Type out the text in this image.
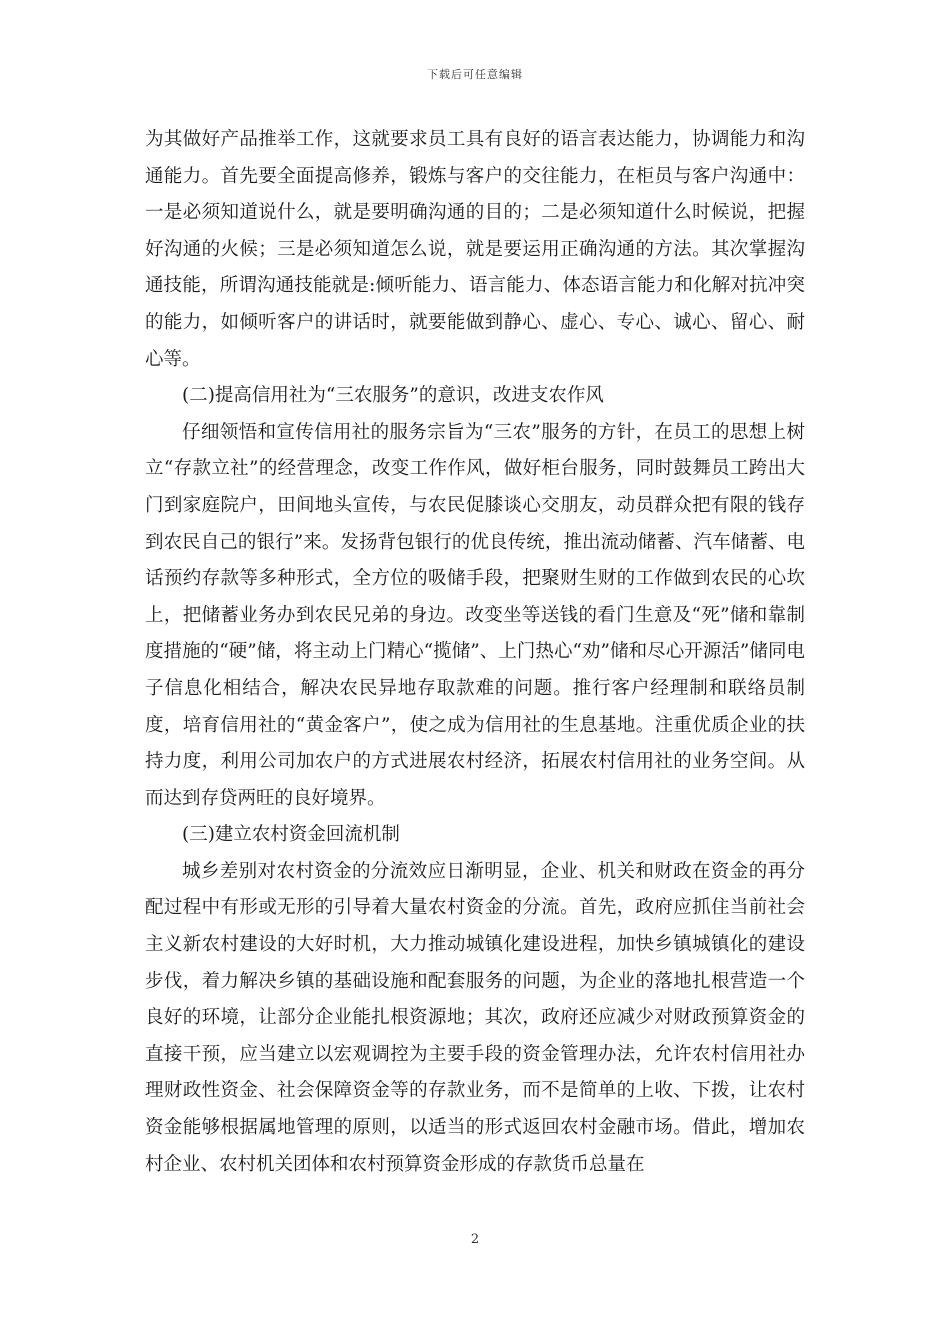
下载后可任意编辑

为其做好产品推举工作，这就要求员工具有良好的语言表达能力，协调能力和沟通能力。首先要全面提高修养，锻炼与客户的交往能力，在柜员与客户沟通中：一是必须知道说什么，就是要明确沟通的目的；二是必须知道什么时候说，把握好沟通的火候；三是必须知道怎么说，就是要运用正确沟通的方法。其次掌握沟通技能，所谓沟通技能就是:倾听能力、语言能力、体态语言能力和化解对抗冲突的能力，如倾听客户的讲话时，就要能做到静心、虚心、专心、诚心、留心、耐心等。

(二)提高信用社为“三农服务”的意识，改进支农作风

仔细领悟和宣传信用社的服务宗旨为“三农”服务的方针，在员工的思想上树立“存款立社”的经营理念，改变工作作风，做好柜台服务，同时鼓舞员工跨出大门到家庭院户，田间地头宣传，与农民促膝谈心交朋友，动员群众把有限的钱存到农民自己的银行”来。发扬背包银行的优良传统，推出流动储蓄、汽车储蓄、电话预约存款等多种形式，全方位的吸储手段，把聚财生财的工作做到农民的心坎上，把储蓄业务办到农民兄弟的身边。改变坐等送钱的看门生意及“死”储和靠制度措施的“硬”储，将主动上门精心“揽储”、上门热心“劝”储和尽心开源活”储同电子信息化相结合，解决农民异地存取款难的问题。推行客户经理制和联络员制度，培育信用社的“黄金客户”，使之成为信用社的生息基地。注重优质企业的扶持力度，利用公司加农户的方式进展农村经济，拓展农村信用社的业务空间。从而达到存贷两旺的良好境界。

(三)建立农村资金回流机制

城乡差别对农村资金的分流效应日渐明显，企业、机关和财政在资金的再分配过程中有形或无形的引导着大量农村资金的分流。首先，政府应抓住当前社会主义新农村建设的大好时机，大力推动城镇化建设进程，加快乡镇城镇化的建设步伐，着力解决乡镇的基础设施和配套服务的问题，为企业的落地扎根营造一个良好的环境，让部分企业能扎根资源地；其次，政府还应减少对财政预算资金的直接干预，应当建立以宏观调控为主要手段的资金管理办法，允许农村信用社办理财政性资金、社会保障资金等的存款业务，而不是简单的上收、下拨，让农村资金能够根据属地管理的原则，以适当的形式返回农村金融市场。借此，增加农村企业、农村机关团体和农村预算资金形成的存款货币总量在

2
